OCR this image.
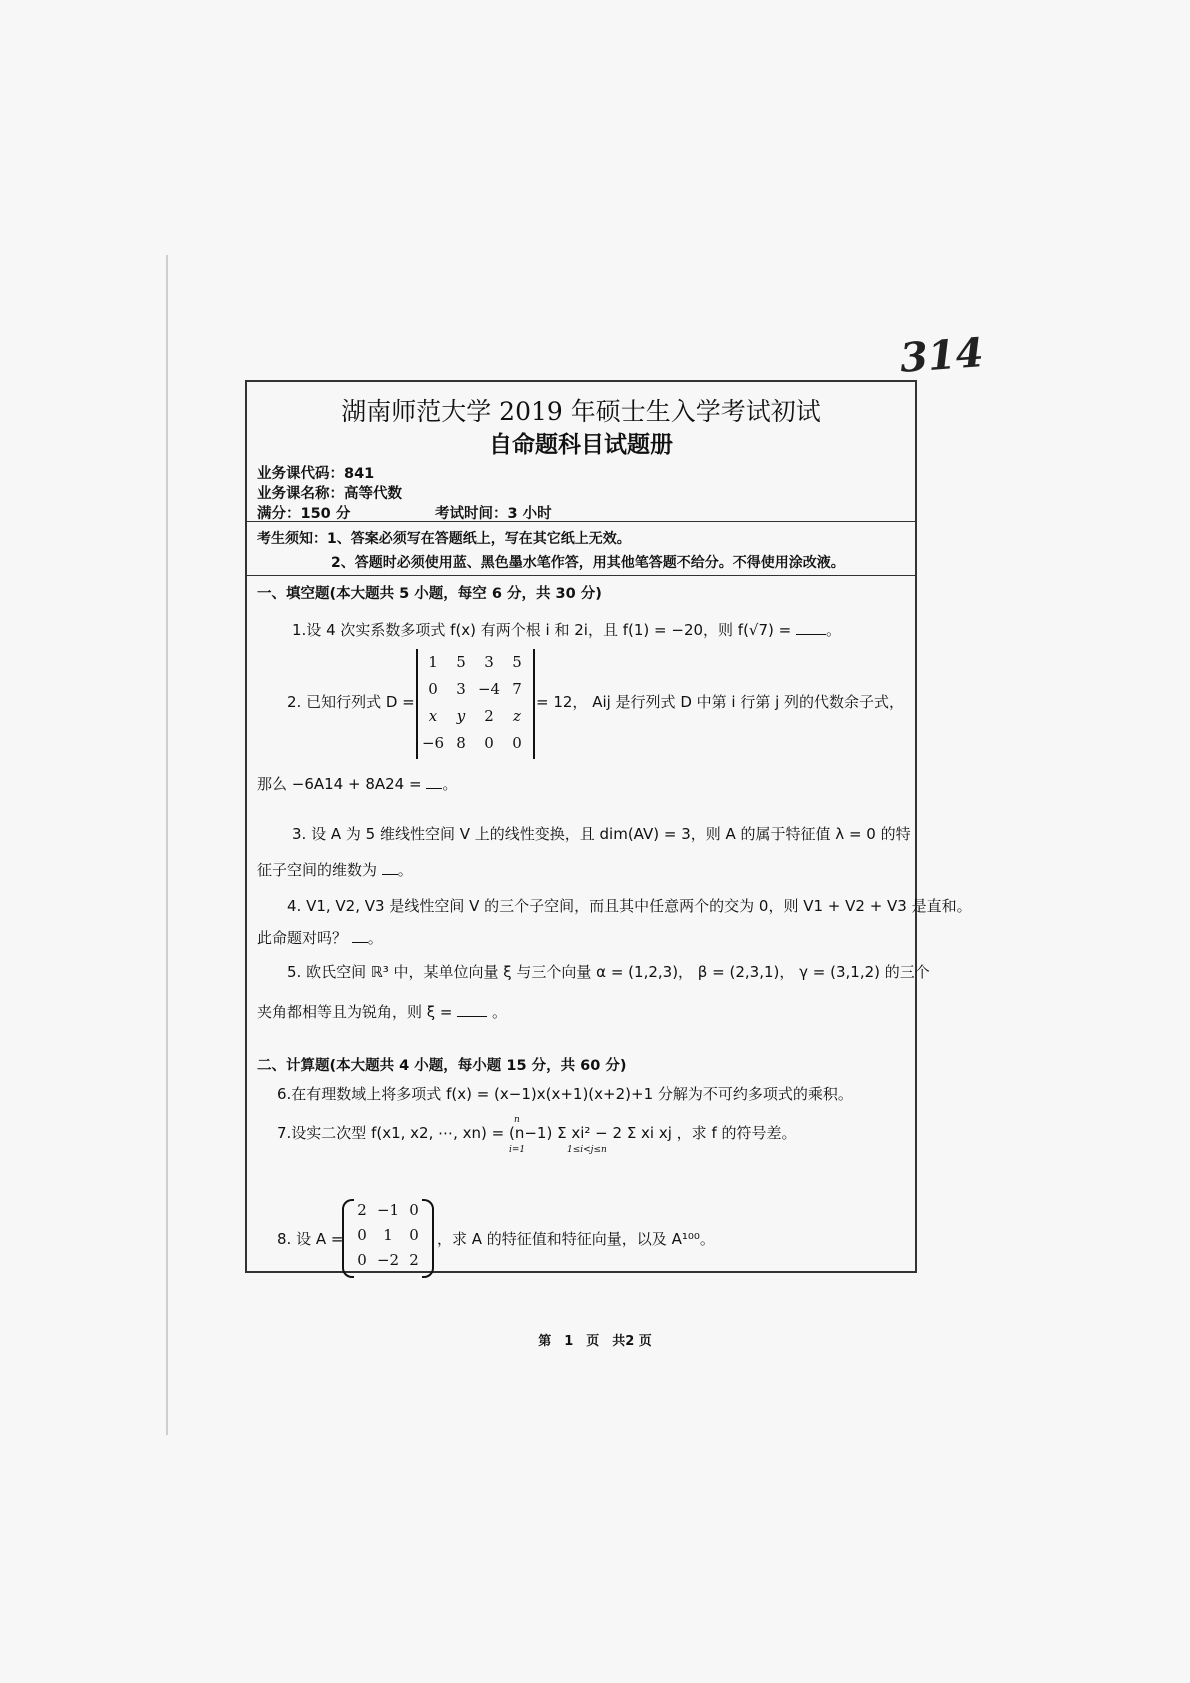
314
湖南师范大学 2019 年硕士生入学考试初试
自命题科目试题册
业务课代码：841
业务课名称：高等代数
满分：150 分	考试时间：3 小时
考生须知：1、答案必须写在答题纸上，写在其它纸上无效。
2、答题时必须使用蓝、黑色墨水笔作答，用其他笔答题不给分。不得使用涂改液。
一、填空题(本大题共 5 小题，每空 6 分，共 30 分)
1.设 4 次实系数多项式 f(x) 有两个根 i 和 2i，且 f(1) = −20，则 f(√7) = 。
2. 已知行列式 D =
1	5	3	5
0	3 −4 7
x	y	2	z
−6 8	0	0
= 12， Aij 是行列式 D 中第 i 行第 j 列的代数余子式，
那么 −6A14 + 8A24 = 。
3. 设 A 为 5 维线性空间 V 上的线性变换，且 dim(AV) = 3，则 A 的属于特征值 λ = 0 的特
征子空间的维数为 。
4. V1, V2, V3 是线性空间 V 的三个子空间，而且其中任意两个的交为 0，则 V1 + V2 + V3 是直和。
此命题对吗？ 。
5. 欧氏空间 ℝ³ 中，某单位向量 ξ 与三个向量 α = (1,2,3)， β = (2,3,1)， γ = (3,1,2) 的三个
夹角都相等且为锐角，则 ξ =  。
二、计算题(本大题共 4 小题，每小题 15 分，共 60 分)
6.在有理数域上将多项式 f(x) = (x−1)x(x+1)(x+2)+1 分解为不可约多项式的乘积。
7.设实二次型 f(x1, x2, ⋯, xn) = (n−1) Σ xi² − 2 Σ xi xj ，求 f 的符号差。
n
i=1	1≤i<j≤n
8. 设 A =
2 −1 0
0	1	0
0 −2 2
，求 A 的特征值和特征向量，以及 A¹⁰⁰。
第　1　页　共2 页
